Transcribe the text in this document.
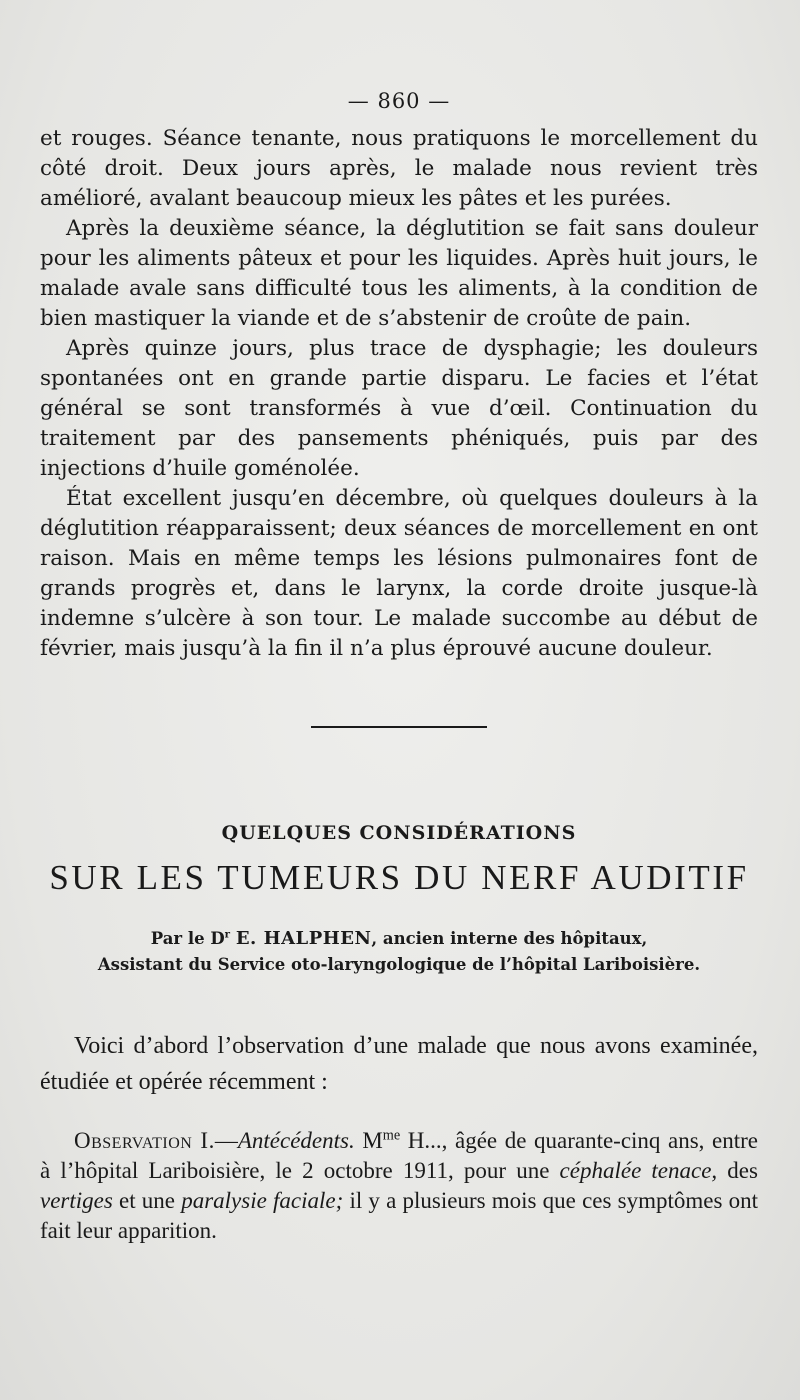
— 860 —

et rouges. Séance tenante, nous pratiquons le morcellement du côté droit. Deux jours après, le malade nous revient très amélioré, avalant beaucoup mieux les pâtes et les purées.

Après la deuxième séance, la déglutition se fait sans douleur pour les aliments pâteux et pour les liquides. Après huit jours, le malade avale sans difficulté tous les aliments, à la condition de bien mastiquer la viande et de s’abstenir de croûte de pain.

Après quinze jours, plus trace de dysphagie; les douleurs spontanées ont en grande partie disparu. Le facies et l’état général se sont transformés à vue d’œil. Continuation du traitement par des pansements phéniqués, puis par des injections d’huile goménolée.

État excellent jusqu’en décembre, où quelques douleurs à la déglutition réapparaissent; deux séances de morcellement en ont raison. Mais en même temps les lésions pulmonaires font de grands progrès et, dans le larynx, la corde droite jusque-là indemne s’ulcère à son tour. Le malade succombe au début de février, mais jusqu’à la fin il n’a plus éprouvé aucune douleur.

QUELQUES CONSIDÉRATIONS
SUR LES TUMEURS DU NERF AUDITIF
Par le $D^r$ E. HALPHEN, ancien interne des hôpitaux,
Assistant du Service oto-laryngologique de l’hôpital Lariboisière.

Voici d’abord l’observation d’une malade que nous avons examinée, étudiée et opérée récemment :

Observation I.—Antécédents. $M^{me}$ H..., âgée de quarante-cinq ans, entre à l’hôpital Lariboisière, le 2 octobre 1911, pour une céphalée tenace, des vertiges et une paralysie faciale; il y a plusieurs mois que ces symptômes ont fait leur apparition.
